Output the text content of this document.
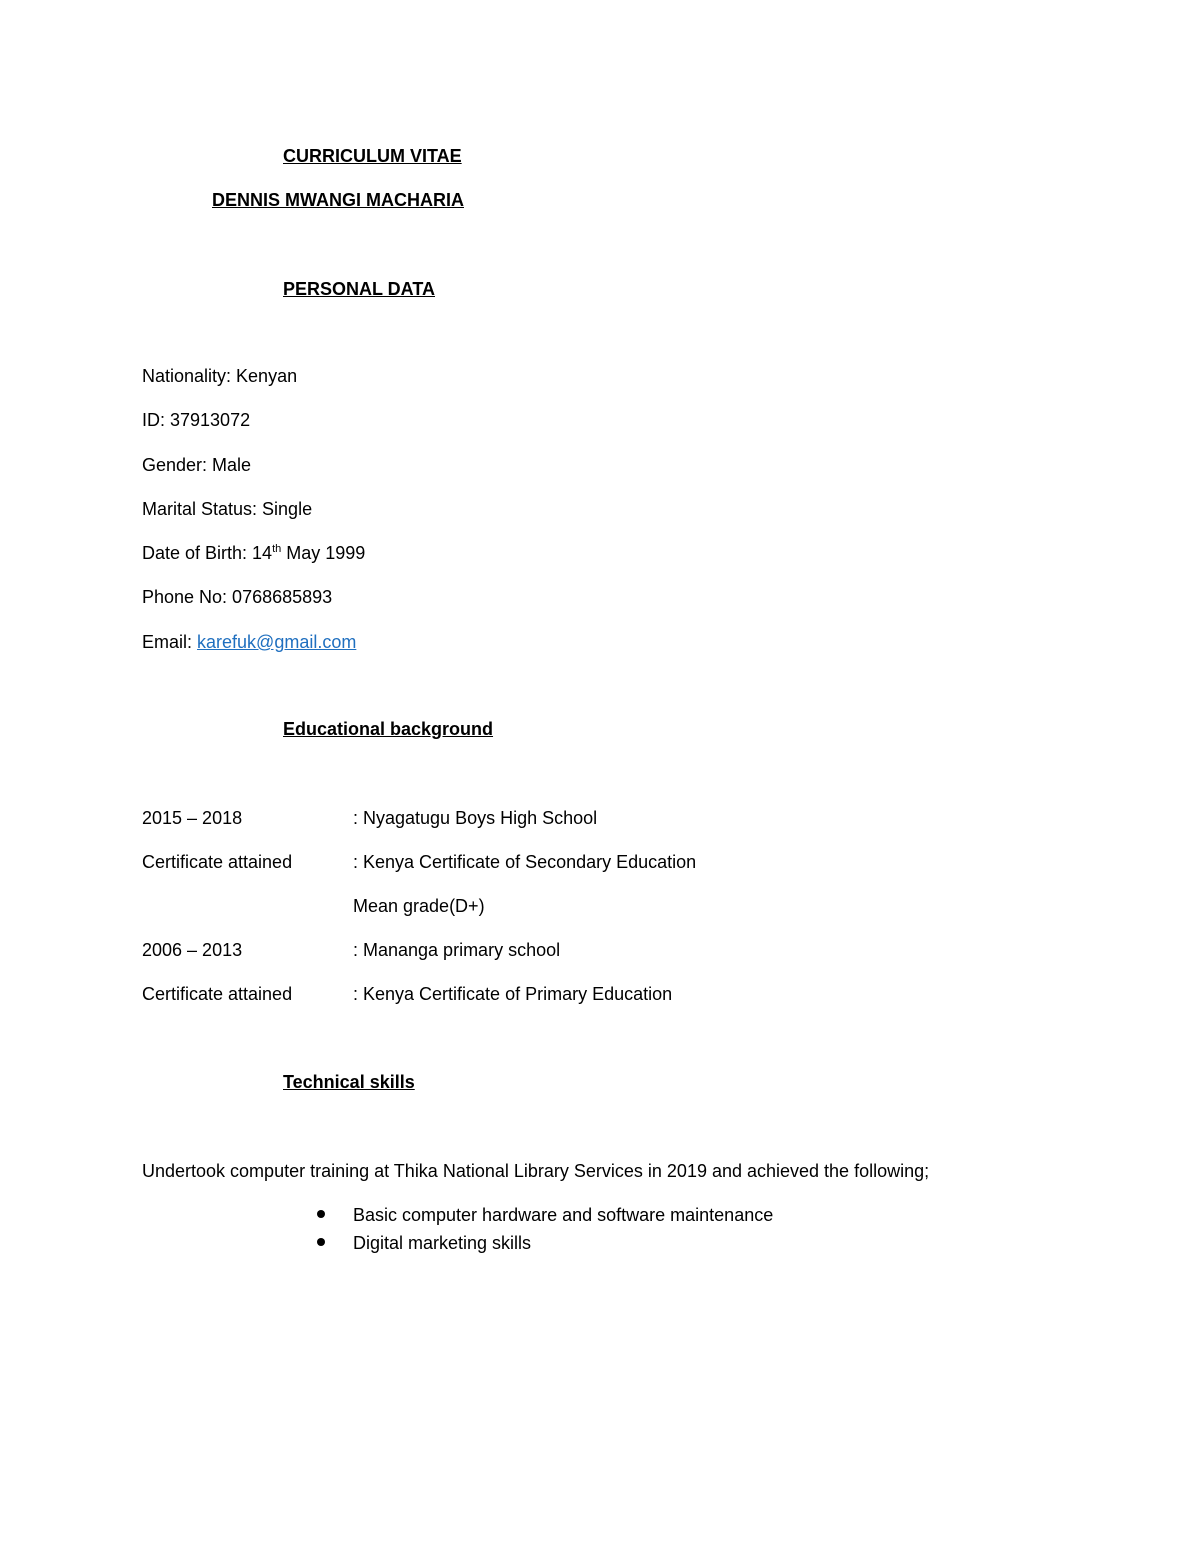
CURRICULUM VITAE
DENNIS MWANGI MACHARIA
PERSONAL DATA
Nationality: Kenyan
ID: 37913072
Gender: Male
Marital Status: Single
Date of Birth: 14th May 1999
Phone No: 0768685893
Email: karefuk@gmail.com
Educational background
2015 – 2018	: Nyagatugu Boys High School
Certificate attained	: Kenya Certificate of Secondary Education
Mean grade(D+)
2006 – 2013	: Mananga primary school
Certificate attained	: Kenya Certificate of Primary Education
Technical skills
Undertook computer training at Thika National Library Services in 2019 and achieved the following;
Basic computer hardware and software maintenance
Digital marketing skills
